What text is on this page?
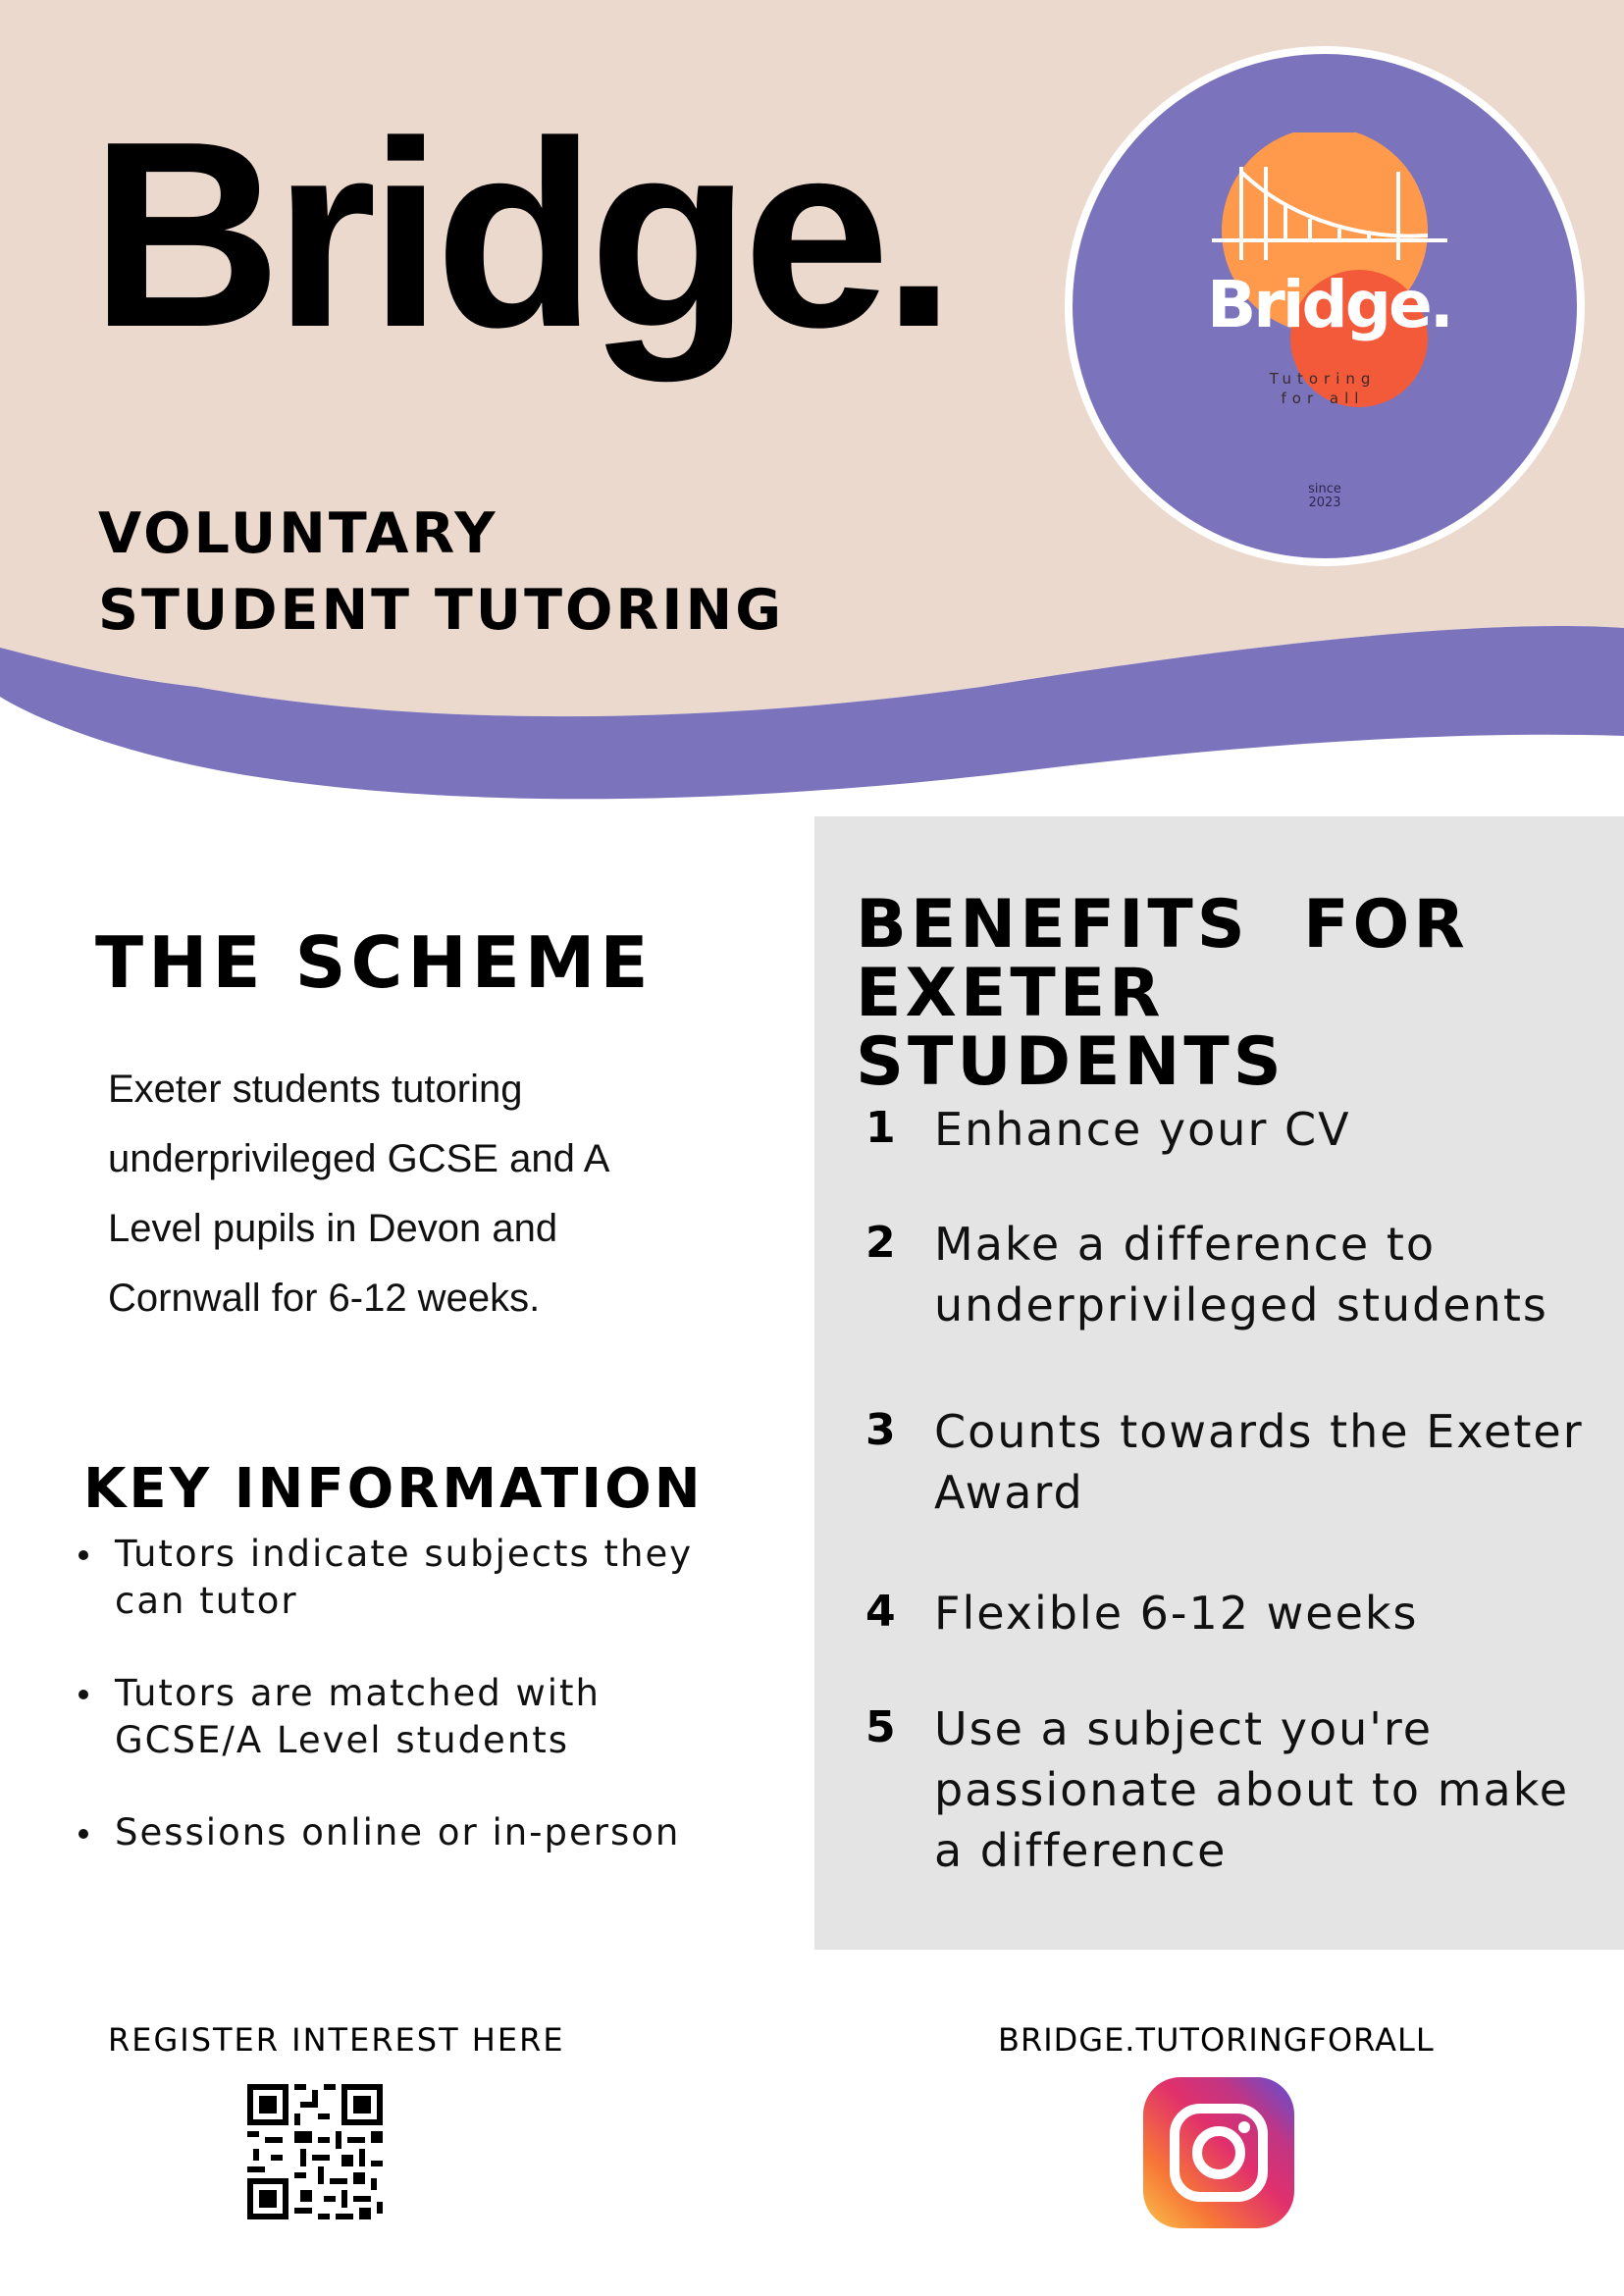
Bridge.
VOLUNTARY
STUDENT TUTORING
Bridge.
Tutoring
for all
since
2023
THE SCHEME
Exeter students tutoring
underprivileged GCSE and A
Level pupils in Devon and
Cornwall for 6-12 weeks.
KEY INFORMATION
Tutors indicate subjects they can tutor
Tutors are matched with GCSE/A Level students
Sessions online or in-person
BENEFITS  FOR
EXETER STUDENTS
1 Enhance your CV
2 Make a difference to underprivileged students
3 Counts towards the Exeter Award
4 Flexible 6-12 weeks
5 Use a subject you're passionate about to make a difference
REGISTER INTEREST HERE	BRIDGE.TUTORINGFORALL
